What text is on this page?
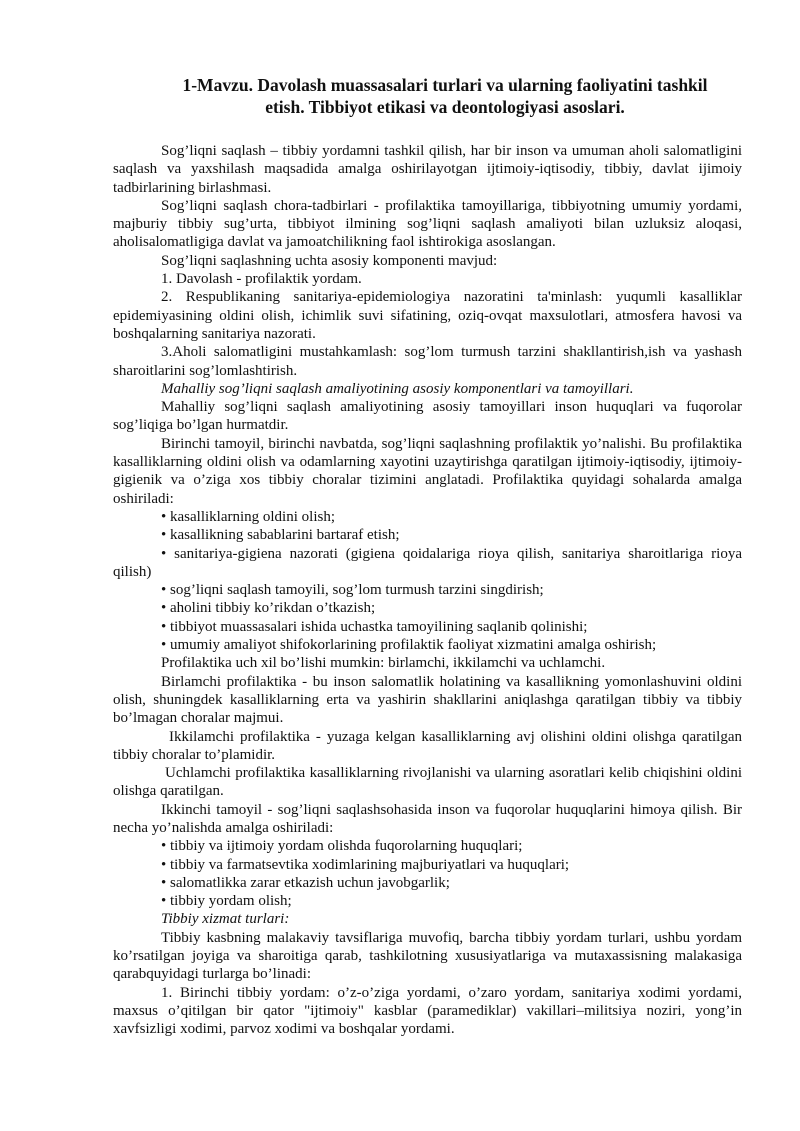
1-Mavzu. Davolash muassasalari turlari va ularning faoliyatini tashkil
etish. Tibbiyot etikasi va deontologiyasi asoslari.

Sog’liqni saqlash – tibbiy yordamni tashkil qilish, har bir inson va umuman aholi salomatligini saqlash va yaxshilash maqsadida amalga oshirilayotgan ijtimoiy-iqtisodiy, tibbiy, davlat ijimoiy tadbirlarining birlashmasi.

Sog’liqni saqlash chora-tadbirlari - profilaktika tamoyillariga, tibbiyotning umumiy yordami, majburiy tibbiy sug’urta, tibbiyot ilmining sog’liqni saqlash amaliyoti bilan uzluksiz aloqasi, aholisalomatligiga davlat va jamoatchilikning faol ishtirokiga asoslangan.

Sog’liqni saqlashning uchta asosiy komponenti mavjud:

1. Davolash - profilaktik yordam.

2. Respublikaning sanitariya-epidemiologiya nazoratini ta'minlash: yuqumli kasalliklar epidemiyasining oldini olish, ichimlik suvi sifatining, oziq-ovqat maxsulotlari, atmosfera havosi va boshqalarning sanitariya nazorati.

3.Aholi salomatligini mustahkamlash: sog’lom turmush tarzini shakllantirish,ish va yashash sharoitlarini sog’lomlashtirish.

Mahalliy sog’liqni saqlash amaliyotining asosiy komponentlari va tamoyillari.

Mahalliy sog’liqni saqlash amaliyotining asosiy tamoyillari inson huquqlari va fuqorolar sog’liqiga bo’lgan hurmatdir.

Birinchi tamoyil, birinchi navbatda, sog’liqni saqlashning profilaktik yo’nalishi. Bu profilaktika kasalliklarning oldini olish va odamlarning xayotini uzaytirishga qaratilgan ijtimoiy-iqtisodiy, ijtimoiy-gigienik va o’ziga xos tibbiy choralar tizimini anglatadi. Profilaktika quyidagi sohalarda amalga oshiriladi:

• kasalliklarning oldini olish;

• kasallikning sabablarini bartaraf etish;

• sanitariya-gigiena nazorati (gigiena qoidalariga rioya qilish, sanitariya sharoitlariga rioya qilish)

• sog’liqni saqlash tamoyili, sog’lom turmush tarzini singdirish;

• aholini tibbiy ko’rikdan o’tkazish;

• tibbiyot muassasalari ishida uchastka tamoyilining saqlanib qolinishi;

• umumiy amaliyot shifokorlarining profilaktik faoliyat xizmatini amalga oshirish;

Profilaktika uch xil bo’lishi mumkin: birlamchi, ikkilamchi va uchlamchi.

Birlamchi profilaktika - bu inson salomatlik holatining va kasallikning yomonlashuvini oldini olish, shuningdek kasalliklarning erta va yashirin shakllarini aniqlashga qaratilgan tibbiy va tibbiy bo’lmagan choralar majmui.

Ikkilamchi profilaktika - yuzaga kelgan kasalliklarning avj olishini oldini olishga qaratilgan tibbiy choralar to’plamidir.

Uchlamchi profilaktika kasalliklarning rivojlanishi va ularning asoratlari kelib chiqishini oldini olishga qaratilgan.

Ikkinchi tamoyil - sog’liqni saqlashsohasida inson va fuqorolar huquqlarini himoya qilish. Bir necha yo’nalishda amalga oshiriladi:

• tibbiy va ijtimoiy yordam olishda fuqorolarning huquqlari;

• tibbiy va farmatsevtika xodimlarining majburiyatlari va huquqlari;

• salomatlikka zarar etkazish uchun javobgarlik;

• tibbiy yordam olish;

Tibbiy xizmat turlari:

Tibbiy kasbning malakaviy tavsiflariga muvofiq, barcha tibbiy yordam turlari, ushbu yordam ko’rsatilgan joyiga va sharoitiga qarab, tashkilotning xususiyatlariga va mutaxassisning malakasiga qarabquyidagi turlarga bo’linadi:

1. Birinchi tibbiy yordam: o’z-o’ziga yordami, o’zaro yordam, sanitariya xodimi yordami, maxsus o’qitilgan bir qator "ijtimoiy" kasblar (paramediklar) vakillari–militsiya noziri, yong’in xavfsizligi xodimi, parvoz xodimi va boshqalar yordami.
